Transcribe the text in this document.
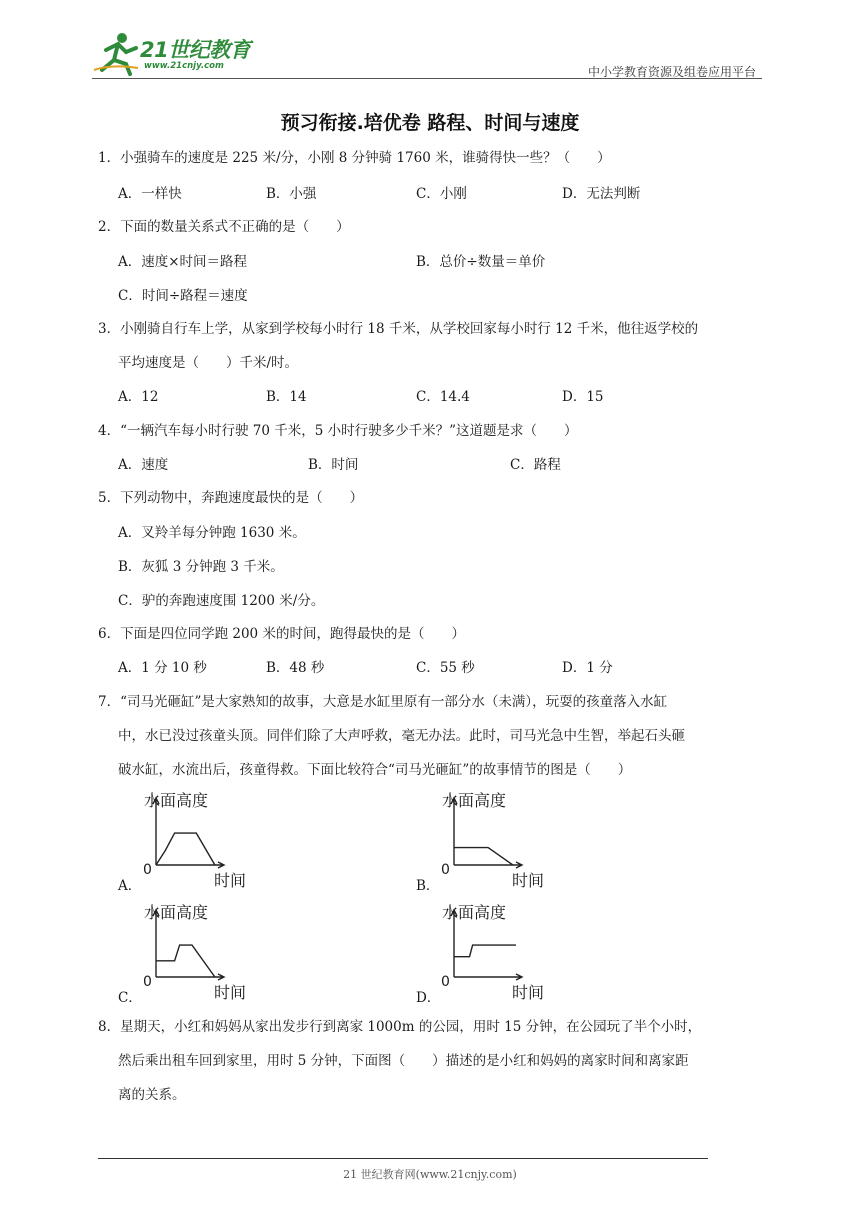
21世纪教育
www.21cnjy.com	中小学教育资源及组卷应用平台
预习衔接.培优卷 路程、时间与速度
1．小强骑车的速度是 225 米/分，小刚 8 分钟骑 1760 米，谁骑得快一些？（　　）
A．一样快	B．小强	C．小刚	D．无法判断
2．下面的数量关系式不正确的是（　　）
A．速度×时间＝路程	B．总价÷数量＝单价
C．时间÷路程＝速度
3．小刚骑自行车上学，从家到学校每小时行 18 千米，从学校回家每小时行 12 千米，他往返学校的
平均速度是（　　）千米/时。
A．12	B．14	C．14.4	D．15
4．“一辆汽车每小时行驶 70 千米，5 小时行驶多少千米？”这道题是求（　　）
A．速度	B．时间	C．路程
5．下列动物中，奔跑速度最快的是（　　）
A．叉羚羊每分钟跑 1630 米。
B．灰狐 3 分钟跑 3 千米。
C．驴的奔跑速度围 1200 米/分。
6．下面是四位同学跑 200 米的时间，跑得最快的是（　　）
A．1 分 10 秒	B．48 秒	C．55 秒	D．1 分
7．“司马光砸缸”是大家熟知的故事，大意是水缸里原有一部分水（未满），玩耍的孩童落入水缸
中，水已没过孩童头顶。同伴们除了大声呼救，毫无办法。此时，司马光急中生智，举起石头砸
破水缸，水流出后，孩童得救。下面比较符合“司马光砸缸”的故事情节的图是（　　）
A．
水面高度
0
时间	B．
水面高度
0
时间
C．
水面高度
0
时间	D．
水面高度
0
时间
8．星期天，小红和妈妈从家出发步行到离家 1000m 的公园，用时 15 分钟，在公园玩了半个小时，
然后乘出租车回到家里，用时 5 分钟，下面图（　　）描述的是小红和妈妈的离家时间和离家距
离的关系。
21 世纪教育网(www.21cnjy.com)
